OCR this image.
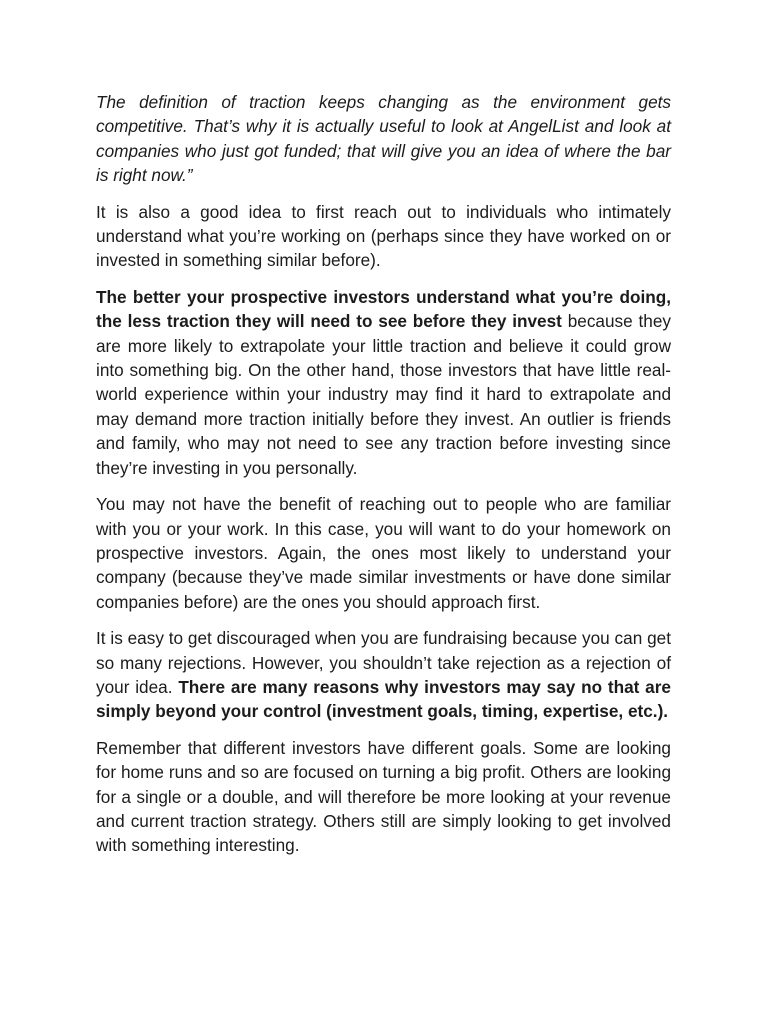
The definition of traction keeps changing as the environment gets competitive. That’s why it is actually useful to look at AngelList and look at companies who just got funded; that will give you an idea of where the bar is right now.”

It is also a good idea to first reach out to individuals who intimately understand what you’re working on (perhaps since they have worked on or invested in something similar before).

The better your prospective investors understand what you’re doing, the less traction they will need to see before they invest because they are more likely to extrapolate your little traction and believe it could grow into something big. On the other hand, those investors that have little real-world experience within your industry may find it hard to extrapolate and may demand more traction initially before they invest. An outlier is friends and family, who may not need to see any traction before investing since they’re investing in you personally.

You may not have the benefit of reaching out to people who are familiar with you or your work. In this case, you will want to do your homework on prospective investors. Again, the ones most likely to understand your company (because they’ve made similar investments or have done similar companies before) are the ones you should approach first.

It is easy to get discouraged when you are fundraising because you can get so many rejections. However, you shouldn’t take rejection as a rejection of your idea. There are many reasons why investors may say no that are simply beyond your control (investment goals, timing, expertise, etc.).

Remember that different investors have different goals. Some are looking for home runs and so are focused on turning a big profit. Others are looking for a single or a double, and will therefore be more looking at your revenue and current traction strategy. Others still are simply looking to get involved with something interesting.
